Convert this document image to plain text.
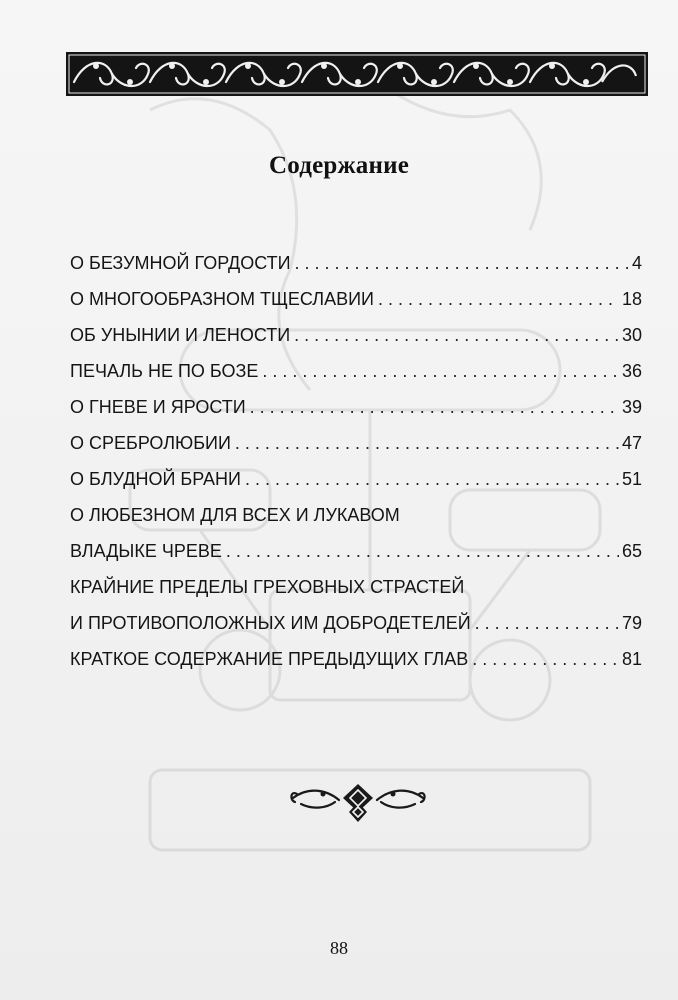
Содержание
О БЕЗУМНОЙ ГОРДОСТИ . . .	4
О МНОГООБРАЗНОМ ТЩЕСЛАВИИ . . .	18
ОБ УНЫНИИ И ЛЕНОСТИ . . .	30
ПЕЧАЛЬ НЕ ПО БОЗЕ . . .	36
О ГНЕВЕ И ЯРОСТИ . . .	39
О СРЕБРОЛЮБИИ . . .	47
О БЛУДНОЙ БРАНИ . . .	51
О ЛЮБЕЗНОМ ДЛЯ ВСЕХ И ЛУКАВОМ
ВЛАДЫКЕ ЧРЕВЕ . . .	65
КРАЙНИЕ ПРЕДЕЛЫ ГРЕХОВНЫХ СТРАСТЕЙ
И ПРОТИВОПОЛОЖНЫХ ИМ ДОБРОДЕТЕЛЕЙ . . .	79
КРАТКОЕ СОДЕРЖАНИЕ ПРЕДЫДУЩИХ ГЛАВ . . .	81
88
